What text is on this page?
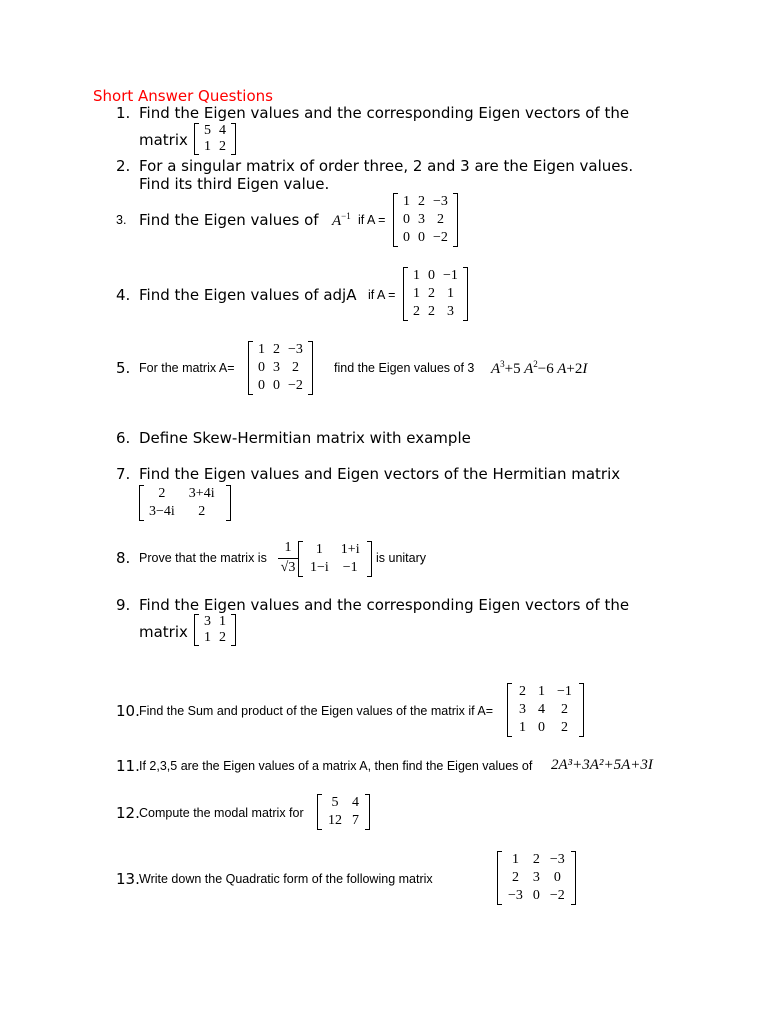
Short Answer Questions
1. Find the Eigen values and the corresponding Eigen vectors of the
matrix
5	4
1	2
2. For a singular matrix of order three, 2 and 3 are the Eigen values.
Find its third Eigen value.
3. Find the Eigen values of $A^{-1}$ if A =
1	2	−3
0	3	2
0	0	−2
4. Find the Eigen values of adjA if A =
1	0	−1
1	2	1
2	2	3
5. For the matrix A=
1	2	−3
0	3	2
0	0	−2
find the Eigen values of 3 $A^3+5$ $A^2-6$ A+2I
6. Define Skew-Hermitian matrix with example
7. Find the Eigen values and Eigen vectors of the Hermitian matrix
2	3+4i
3−4i	2
8. Prove that the matrix is
1
√3
1	1+i
1−i	−1
is unitary
9. Find the Eigen values and the corresponding Eigen vectors of the
matrix
3	1
1	2
10. Find the Sum and product of the Eigen values of the matrix if A=
2	1	−1
3	4	2
1	0	2
11. If 2,3,5 are the Eigen values of a matrix A, then find the Eigen values of 2A³+3A²+5A+3I
12. Compute the modal matrix for
5	4
12	7
13. Write down the Quadratic form of the following matrix
1	2	−3
2	3	0
−3	0	−2
